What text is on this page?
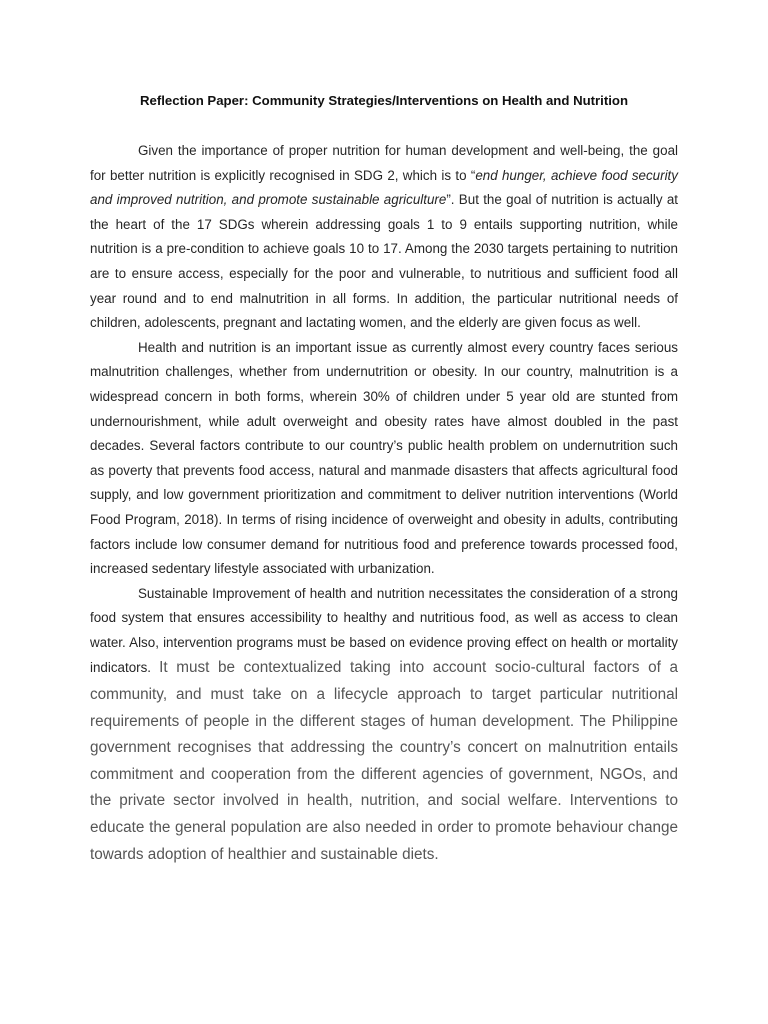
Reflection Paper: Community Strategies/Interventions on Health and Nutrition

Given the importance of proper nutrition for human development and well-being, the goal for better nutrition is explicitly recognised in SDG 2, which is to “end hunger, achieve food security and improved nutrition, and promote sustainable agriculture”. But the goal of nutrition is actually at the heart of the 17 SDGs wherein addressing goals 1 to 9 entails supporting nutrition, while nutrition is a pre-condition to achieve goals 10 to 17. Among the 2030 targets pertaining to nutrition are to ensure access, especially for the poor and vulnerable, to nutritious and sufficient food all year round and to end malnutrition in all forms. In addition, the particular nutritional needs of children, adolescents, pregnant and lactating women, and the elderly are given focus as well.

Health and nutrition is an important issue as currently almost every country faces serious malnutrition challenges, whether from undernutrition or obesity. In our country, malnutrition is a widespread concern in both forms, wherein 30% of children under 5 year old are stunted from undernourishment, while adult overweight and obesity rates have almost doubled in the past decades. Several factors contribute to our country’s public health problem on undernutrition such as poverty that prevents food access, natural and manmade disasters that affects agricultural food supply, and low government prioritization and commitment to deliver nutrition interventions (World Food Program, 2018). In terms of rising incidence of overweight and obesity in adults, contributing factors include low consumer demand for nutritious food and preference towards processed food, increased sedentary lifestyle associated with urbanization.

Sustainable Improvement of health and nutrition necessitates the consideration of a strong food system that ensures accessibility to healthy and nutritious food, as well as access to clean water. Also, intervention programs must be based on evidence proving effect on health or mortality indicators. It must be contextualized taking into account socio-cultural factors of a community, and must take on a lifecycle approach to target particular nutritional requirements of people in the different stages of human development. The Philippine government recognises that addressing the country’s concert on malnutrition entails commitment and cooperation from the different agencies of government, NGOs, and the private sector involved in health, nutrition, and social welfare. Interventions to educate the general population are also needed in order to promote behaviour change towards adoption of healthier and sustainable diets.
